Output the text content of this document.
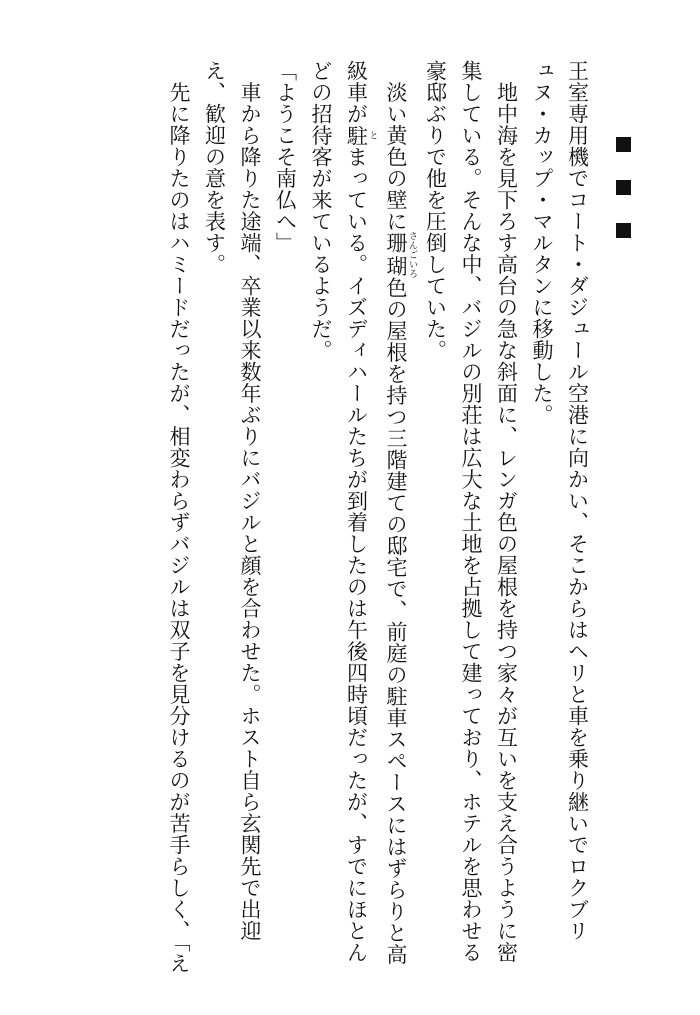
王室専用機でコート・ダジュール空港に向かい、そこからはヘリと車を乗り継いでロクブリ
ュヌ・カップ・マルタンに移動した。
　地中海を見下ろす高台の急な斜面に、レンガ色の屋根を持つ家々が互いを支え合うように密
集している。そんな中、バジルの別荘は広大な土地を占拠して建っており、ホテルを思わせる
豪邸ぶりで他を圧倒していた。
　淡い黄色の壁に珊瑚 さんごいろ色の屋根を持つ三階建ての邸宅で、前庭の駐車スペースにはずらりと高
級車が駐 とまっている。イズディハールたちが到着したのは午後四時頃だったが、すでにほとん
どの招待客が来ているようだ。
「ようこそ南仏へ」
　車から降りた途端、卒業以来数年ぶりにバジルと顔を合わせた。ホスト自ら玄関先で出迎
え、歓迎の意を表す。
　先に降りたのはハミードだったが、相変わらずバジルは双子を見分けるのが苦手らしく、「え
